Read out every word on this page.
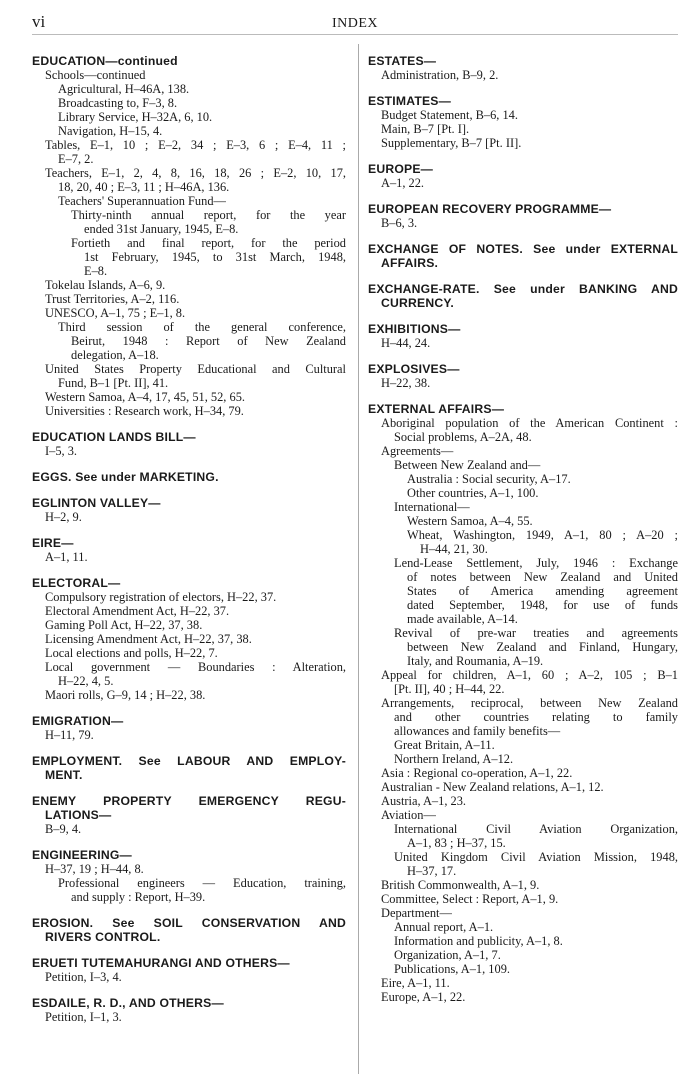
vi	INDEX
EDUCATION—continued
Schools—continued
Agricultural, H–46A, 138.
Broadcasting to, F–3, 8.
Library Service, H–32A, 6, 10.
Navigation, H–15, 4.
Tables, E–1, 10 ; E–2, 34 ; E–3, 6 ; E–4, 11 ;
E–7, 2.
Teachers, E–1, 2, 4, 8, 16, 18, 26 ; E–2, 10, 17,
18, 20, 40 ; E–3, 11 ; H–46A, 136.
Teachers' Superannuation Fund—
Thirty-ninth annual report, for the year
ended 31st January, 1945, E–8.
Fortieth and final report, for the period
1st February, 1945, to 31st March, 1948,
E–8.
Tokelau Islands, A–6, 9.
Trust Territories, A–2, 116.
UNESCO, A–1, 75 ; E–1, 8.
Third session of the general conference,
Beirut, 1948 : Report of New Zealand
delegation, A–18.
United States Property Educational and Cultural
Fund, B–1 [Pt. II], 41.
Western Samoa, A–4, 17, 45, 51, 52, 65.
Universities : Research work, H–34, 79.
EDUCATION LANDS BILL—
I–5, 3.
EGGS. See under MARKETING.
EGLINTON VALLEY—
H–2, 9.
EIRE—
A–1, 11.
ELECTORAL—
Compulsory registration of electors, H–22, 37.
Electoral Amendment Act, H–22, 37.
Gaming Poll Act, H–22, 37, 38.
Licensing Amendment Act, H–22, 37, 38.
Local elections and polls, H–22, 7.
Local government — Boundaries : Alteration,
H–22, 4, 5.
Maori rolls, G–9, 14 ; H–22, 38.
EMIGRATION—
H–11, 79.
EMPLOYMENT. See LABOUR AND EMPLOY-
MENT.
ENEMY PROPERTY EMERGENCY REGU-
LATIONS—
B–9, 4.
ENGINEERING—
H–37, 19 ; H–44, 8.
Professional engineers — Education, training,
and supply : Report, H–39.
EROSION. See SOIL CONSERVATION AND
RIVERS CONTROL.
ERUETI TUTEMAHURANGI AND OTHERS—
Petition, I–3, 4.
ESDAILE, R. D., AND OTHERS—
Petition, I–1, 3.
ESTATES—
Administration, B–9, 2.
ESTIMATES—
Budget Statement, B–6, 14.
Main, B–7 [Pt. I].
Supplementary, B–7 [Pt. II].
EUROPE—
A–1, 22.
EUROPEAN RECOVERY PROGRAMME—
B–6, 3.
EXCHANGE OF NOTES. See under EXTERNAL
AFFAIRS.
EXCHANGE-RATE. See under BANKING AND
CURRENCY.
EXHIBITIONS—
H–44, 24.
EXPLOSIVES—
H–22, 38.
EXTERNAL AFFAIRS—
Aboriginal population of the American Continent :
Social problems, A–2A, 48.
Agreements—
Between New Zealand and—
Australia : Social security, A–17.
Other countries, A–1, 100.
International—
Western Samoa, A–4, 55.
Wheat, Washington, 1949, A–1, 80 ; A–20 ;
H–44, 21, 30.
Lend-Lease Settlement, July, 1946 : Exchange
of notes between New Zealand and United
States of America amending agreement
dated September, 1948, for use of funds
made available, A–14.
Revival of pre-war treaties and agreements
between New Zealand and Finland, Hungary,
Italy, and Roumania, A–19.
Appeal for children, A–1, 60 ; A–2, 105 ; B–1
[Pt. II], 40 ; H–44, 22.
Arrangements, reciprocal, between New Zealand
and other countries relating to family
allowances and family benefits—
Great Britain, A–11.
Northern Ireland, A–12.
Asia : Regional co-operation, A–1, 22.
Australian - New Zealand relations, A–1, 12.
Austria, A–1, 23.
Aviation—
International Civil Aviation Organization,
A–1, 83 ; H–37, 15.
United Kingdom Civil Aviation Mission, 1948,
H–37, 17.
British Commonwealth, A–1, 9.
Committee, Select : Report, A–1, 9.
Department—
Annual report, A–1.
Information and publicity, A–1, 8.
Organization, A–1, 7.
Publications, A–1, 109.
Eire, A–1, 11.
Europe, A–1, 22.
